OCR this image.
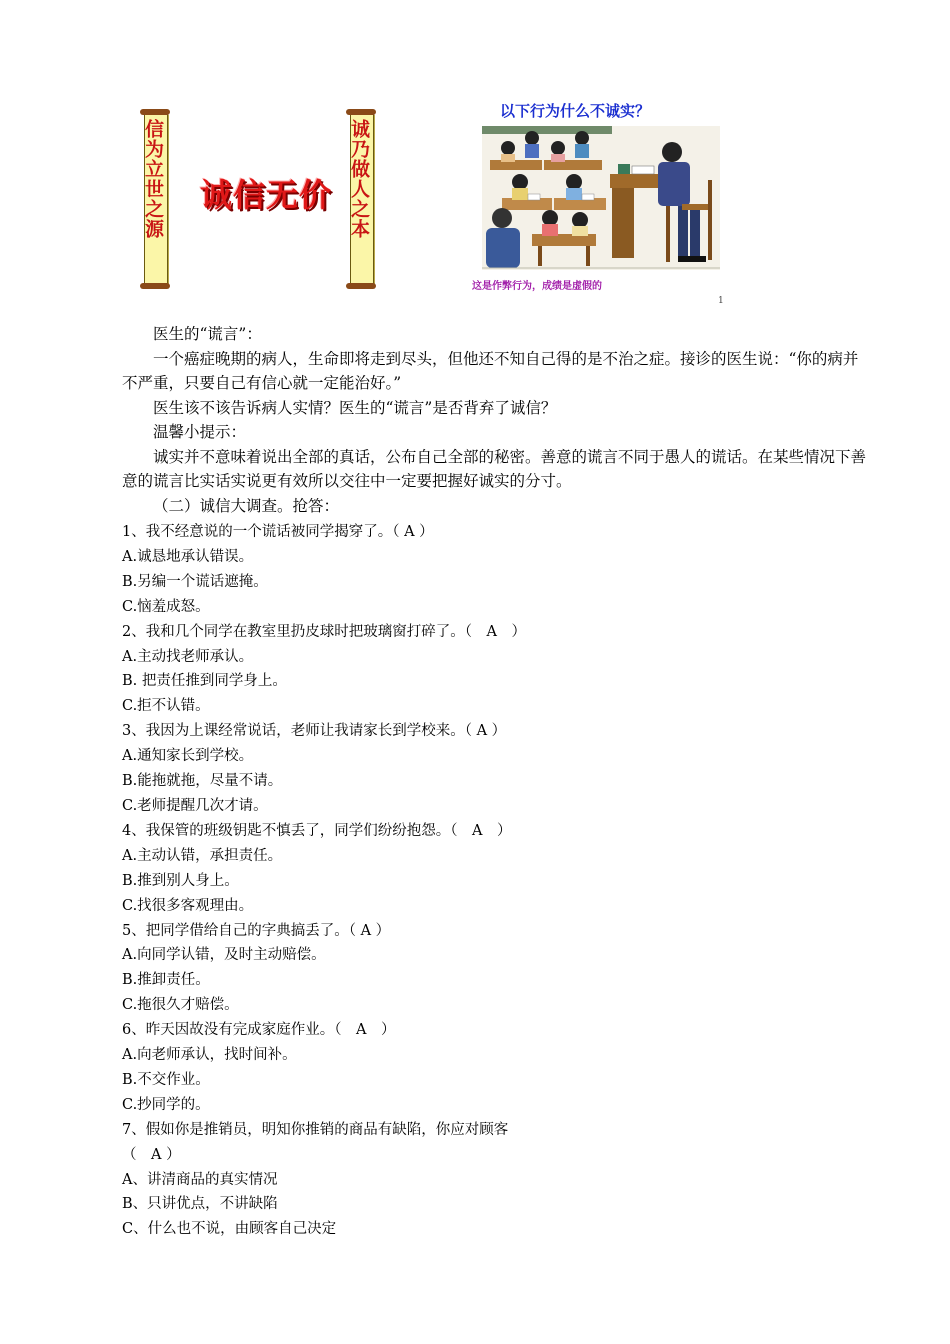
信为立世之源 诚信无价 诚乃做人之本
以下行为什么不诚实？
这是作弊行为，成绩是虚假的
1

医生的“谎言”：

一个癌症晚期的病人，生命即将走到尽头，但他还不知自己得的是不治之症。接诊的医生说：“你的病并不严重，只要自己有信心就一定能治好。”

医生该不该告诉病人实情？医生的“谎言”是否背弃了诚信？

温馨小提示：

诚实并不意味着说出全部的真话，公布自己全部的秘密。善意的谎言不同于愚人的谎话。在某些情况下善意的谎言比实话实说更有效所以交往中一定要把握好诚实的分寸。

（二）诚信大调查。抢答：

1、我不经意说的一个谎话被同学揭穿了。（ A ）

A.诚恳地承认错误。

B.另编一个谎话遮掩。

C.恼羞成怒。

2、我和几个同学在教室里扔皮球时把玻璃窗打碎了。（　A　）

A.主动找老师承认。

B. 把责任推到同学身上。

C.拒不认错。

3、我因为上课经常说话，老师让我请家长到学校来。（ A ）

A.通知家长到学校。

B.能拖就拖，尽量不请。

C.老师提醒几次才请。

4、我保管的班级钥匙不慎丢了，同学们纷纷抱怨。（　A　）

A.主动认错，承担责任。

B.推到别人身上。

C.找很多客观理由。

5、把同学借给自己的字典搞丢了。（ A ）

A.向同学认错，及时主动赔偿。

B.推卸责任。

C.拖很久才赔偿。

6、昨天因故没有完成家庭作业。（　A　）

A.向老师承认，找时间补。

B.不交作业。

C.抄同学的。

7、假如你是推销员，明知你推销的商品有缺陷，你应对顾客

（　A ）

A、讲清商品的真实情况

B、只讲优点，不讲缺陷

C、什么也不说，由顾客自己决定
